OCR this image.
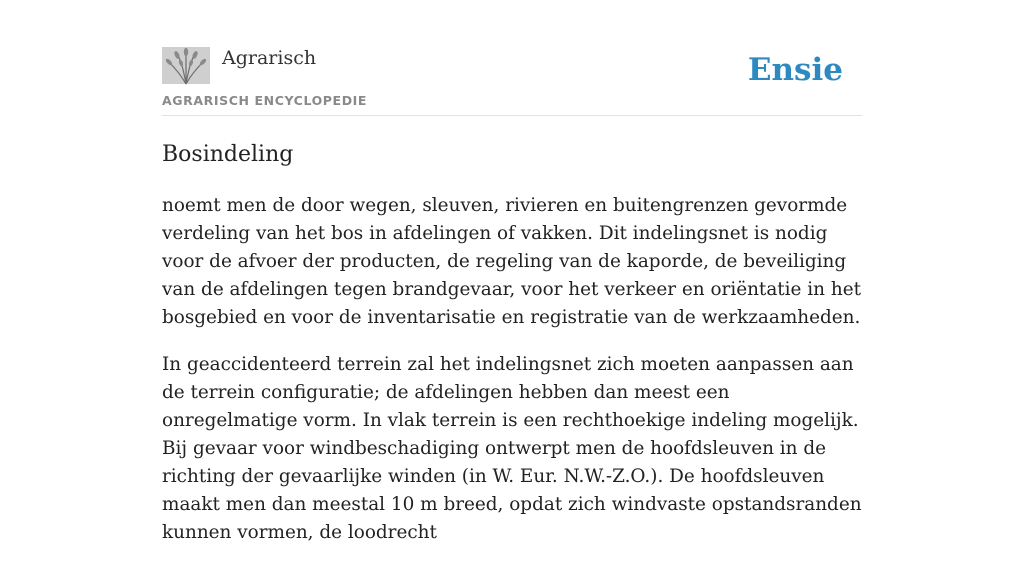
Agrarisch
AGRARISCH ENCYCLOPEDIE
Ensie
Bosindeling

noemt men de door wegen, sleuven, rivieren en buitengrenzen gevormde verdeling van het bos in afdelingen of vakken. Dit indelingsnet is nodig voor de afvoer der producten, de regeling van de kaporde, de beveiliging van de afdelingen tegen brandgevaar, voor het verkeer en oriëntatie in het bosgebied en voor de inventarisatie en registratie van de werkzaamheden.

In geaccidenteerd terrein zal het indelingsnet zich moeten aanpassen aan de terrein configuratie; de afdelingen hebben dan meest een onregelmatige vorm. In vlak terrein is een rechthoekige indeling mogelijk. Bij gevaar voor windbeschadiging ontwerpt men de hoofdsleuven in de richting der gevaarlijke winden (in W. Eur. N.W.-Z.O.). De hoofdsleuven maakt men dan meestal 10 m breed, opdat zich windvaste opstandsranden kunnen vormen, de loodrecht
